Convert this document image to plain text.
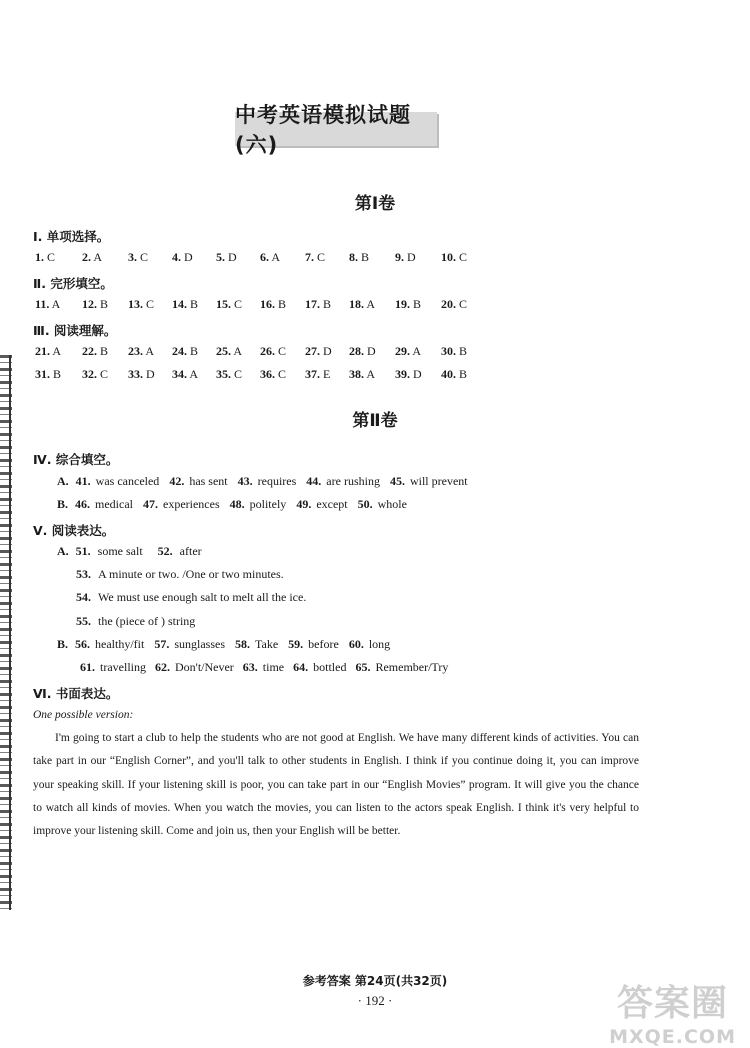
中考英语模拟试题(六)
第Ⅰ卷
Ⅰ. 单项选择。
1. C 2. A 3. C 4. D 5. D 6. A 7. C 8. B 9. D 10. C
Ⅱ. 完形填空。
11. A 12. B 13. C 14. B 15. C 16. B 17. B 18. A 19. B 20. C
Ⅲ. 阅读理解。
21. A 22. B 23. A 24. B 25. A 26. C 27. D 28. D 29. A 30. B
31. B 32. C 33. D 34. A 35. C 36. C 37. E 38. A 39. D 40. B
第Ⅱ卷
Ⅳ. 综合填空。
A. 41. was canceled 42. has sent 43. requires 44. are rushing 45. will prevent
B. 46. medical 47. experiences 48. politely 49. except 50. whole
Ⅴ. 阅读表达。
A. 51. some salt 52. after
53. A minute or two. /One or two minutes.
54. We must use enough salt to melt all the ice.
55. the (piece of ) string
B. 56. healthy/fit 57. sunglasses 58. Take 59. before 60. long
61. travelling 62. Don't/Never 63. time 64. bottled 65. Remember/Try
Ⅵ. 书面表达。
One possible version:
I'm going to start a club to help the students who are not good at English. We have many different kinds of activities. You can take part in our “English Corner”, and you'll talk to other students in English. I think if you continue doing it, you can improve your speaking skill. If your listening skill is poor, you can take part in our “English Movies” program. It will give you the chance to watch all kinds of movies. When you watch the movies, you can listen to the actors speak English. I think it's very helpful to improve your listening skill. Come and join us, then your English will be better.
参考答案 第24页(共32页)
· 192 ·	答案圈
MXQE.COM
